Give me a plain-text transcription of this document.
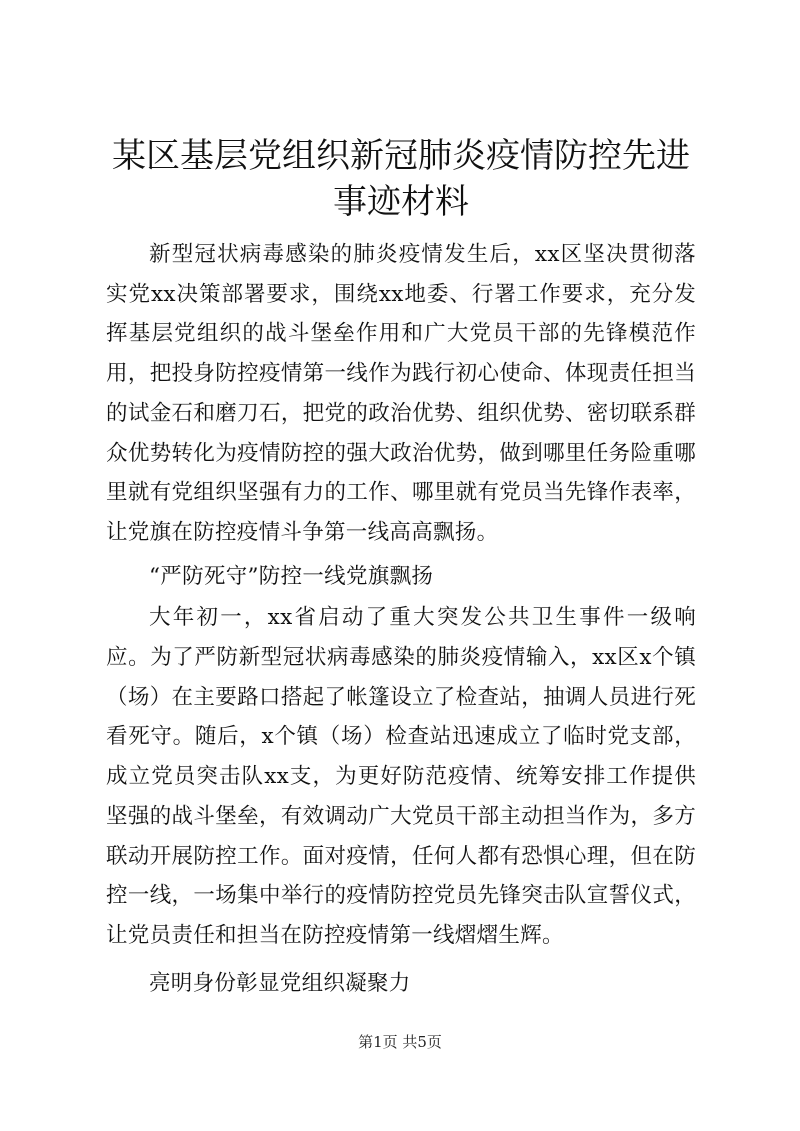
某区基层党组织新冠肺炎疫情防控先进事迹材料

新型冠状病毒感染的肺炎疫情发生后，xx区坚决贯彻落实党xx决策部署要求，围绕xx地委、行署工作要求，充分发挥基层党组织的战斗堡垒作用和广大党员干部的先锋模范作用，把投身防控疫情第一线作为践行初心使命、体现责任担当的试金石和磨刀石，把党的政治优势、组织优势、密切联系群众优势转化为疫情防控的强大政治优势，做到哪里任务险重哪里就有党组织坚强有力的工作、哪里就有党员当先锋作表率，让党旗在防控疫情斗争第一线高高飘扬。

“严防死守”防控一线党旗飘扬

大年初一，xx省启动了重大突发公共卫生事件一级响应。为了严防新型冠状病毒感染的肺炎疫情输入，xx区x个镇（场）在主要路口搭起了帐篷设立了检查站，抽调人员进行死看死守。随后，x个镇（场）检查站迅速成立了临时党支部，成立党员突击队xx支，为更好防范疫情、统筹安排工作提供坚强的战斗堡垒，有效调动广大党员干部主动担当作为，多方联动开展防控工作。面对疫情，任何人都有恐惧心理，但在防控一线，一场集中举行的疫情防控党员先锋突击队宣誓仪式，让党员责任和担当在防控疫情第一线熠熠生辉。

亮明身份彰显党组织凝聚力

第1页 共5页
